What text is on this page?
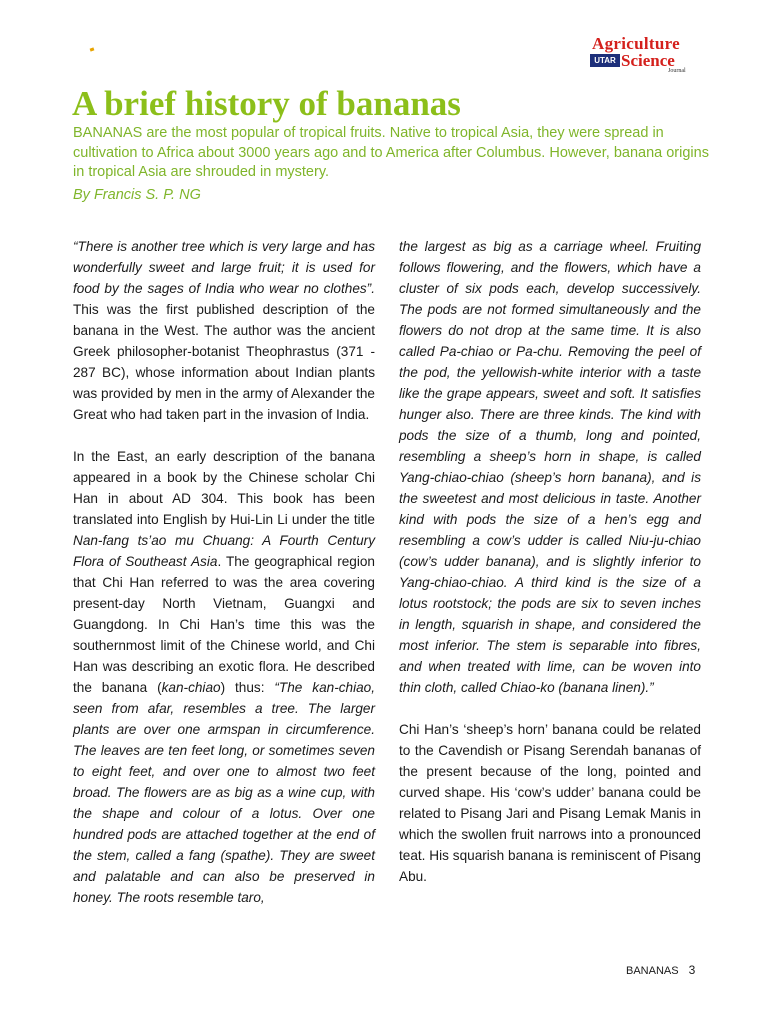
Agriculture
UTAR Science
Journal
A brief history of bananas

BANANAS are the most popular of tropical fruits. Native to tropical Asia, they were spread in cultivation to Africa about 3000 years ago and to America after Columbus. However, banana origins in tropical Asia are shrouded in mystery.

By Francis S. P. NG

“There is another tree which is very large and has wonderfully sweet and large fruit; it is used for food by the sages of India who wear no clothes”. This was the first published description of the banana in the West. The author was the ancient Greek philosopher-botanist Theophrastus (371 - 287 BC), whose information about Indian plants was provided by men in the army of Alexander the Great who had taken part in the invasion of India.

In the East, an early description of the banana appeared in a book by the Chinese scholar Chi Han in about AD 304. This book has been translated into English by Hui-Lin Li under the title Nan-fang ts’ao mu Chuang: A Fourth Century Flora of Southeast Asia. The geographical region that Chi Han referred to was the area covering present-day North Vietnam, Guangxi and Guangdong. In Chi Han’s time this was the southernmost limit of the Chinese world, and Chi Han was describing an exotic flora. He described the banana (kan-chiao) thus: “The kan-chiao, seen from afar, resembles a tree. The larger plants are over one armspan in circumference. The leaves are ten feet long, or sometimes seven to eight feet, and over one to almost two feet broad. The flowers are as big as a wine cup, with the shape and colour of a lotus. Over one hundred pods are attached together at the end of the stem, called a fang (spathe). They are sweet and palatable and can also be preserved in honey. The roots resemble taro,

the largest as big as a carriage wheel. Fruiting follows flowering, and the flowers, which have a cluster of six pods each, develop successively. The pods are not formed simultaneously and the flowers do not drop at the same time. It is also called Pa-chiao or Pa-chu. Removing the peel of the pod, the yellowish-white interior with a taste like the grape appears, sweet and soft. It satisfies hunger also. There are three kinds. The kind with pods the size of a thumb, long and pointed, resembling a sheep’s horn in shape, is called Yang-chiao-chiao (sheep’s horn banana), and is the sweetest and most delicious in taste. Another kind with pods the size of a hen’s egg and resembling a cow’s udder is called Niu-ju-chiao (cow’s udder banana), and is slightly inferior to Yang-chiao-chiao. A third kind is the size of a lotus rootstock; the pods are six to seven inches in length, squarish in shape, and considered the most inferior. The stem is separable into fibres, and when treated with lime, can be woven into thin cloth, called Chiao-ko (banana linen).”

Chi Han’s ‘sheep’s horn’ banana could be related to the Cavendish or Pisang Serendah bananas of the present because of the long, pointed and curved shape. His ‘cow’s udder’ banana could be related to Pisang Jari and Pisang Lemak Manis in which the swollen fruit narrows into a pronounced teat. His squarish banana is reminiscent of Pisang Abu.

BANANAS 3
